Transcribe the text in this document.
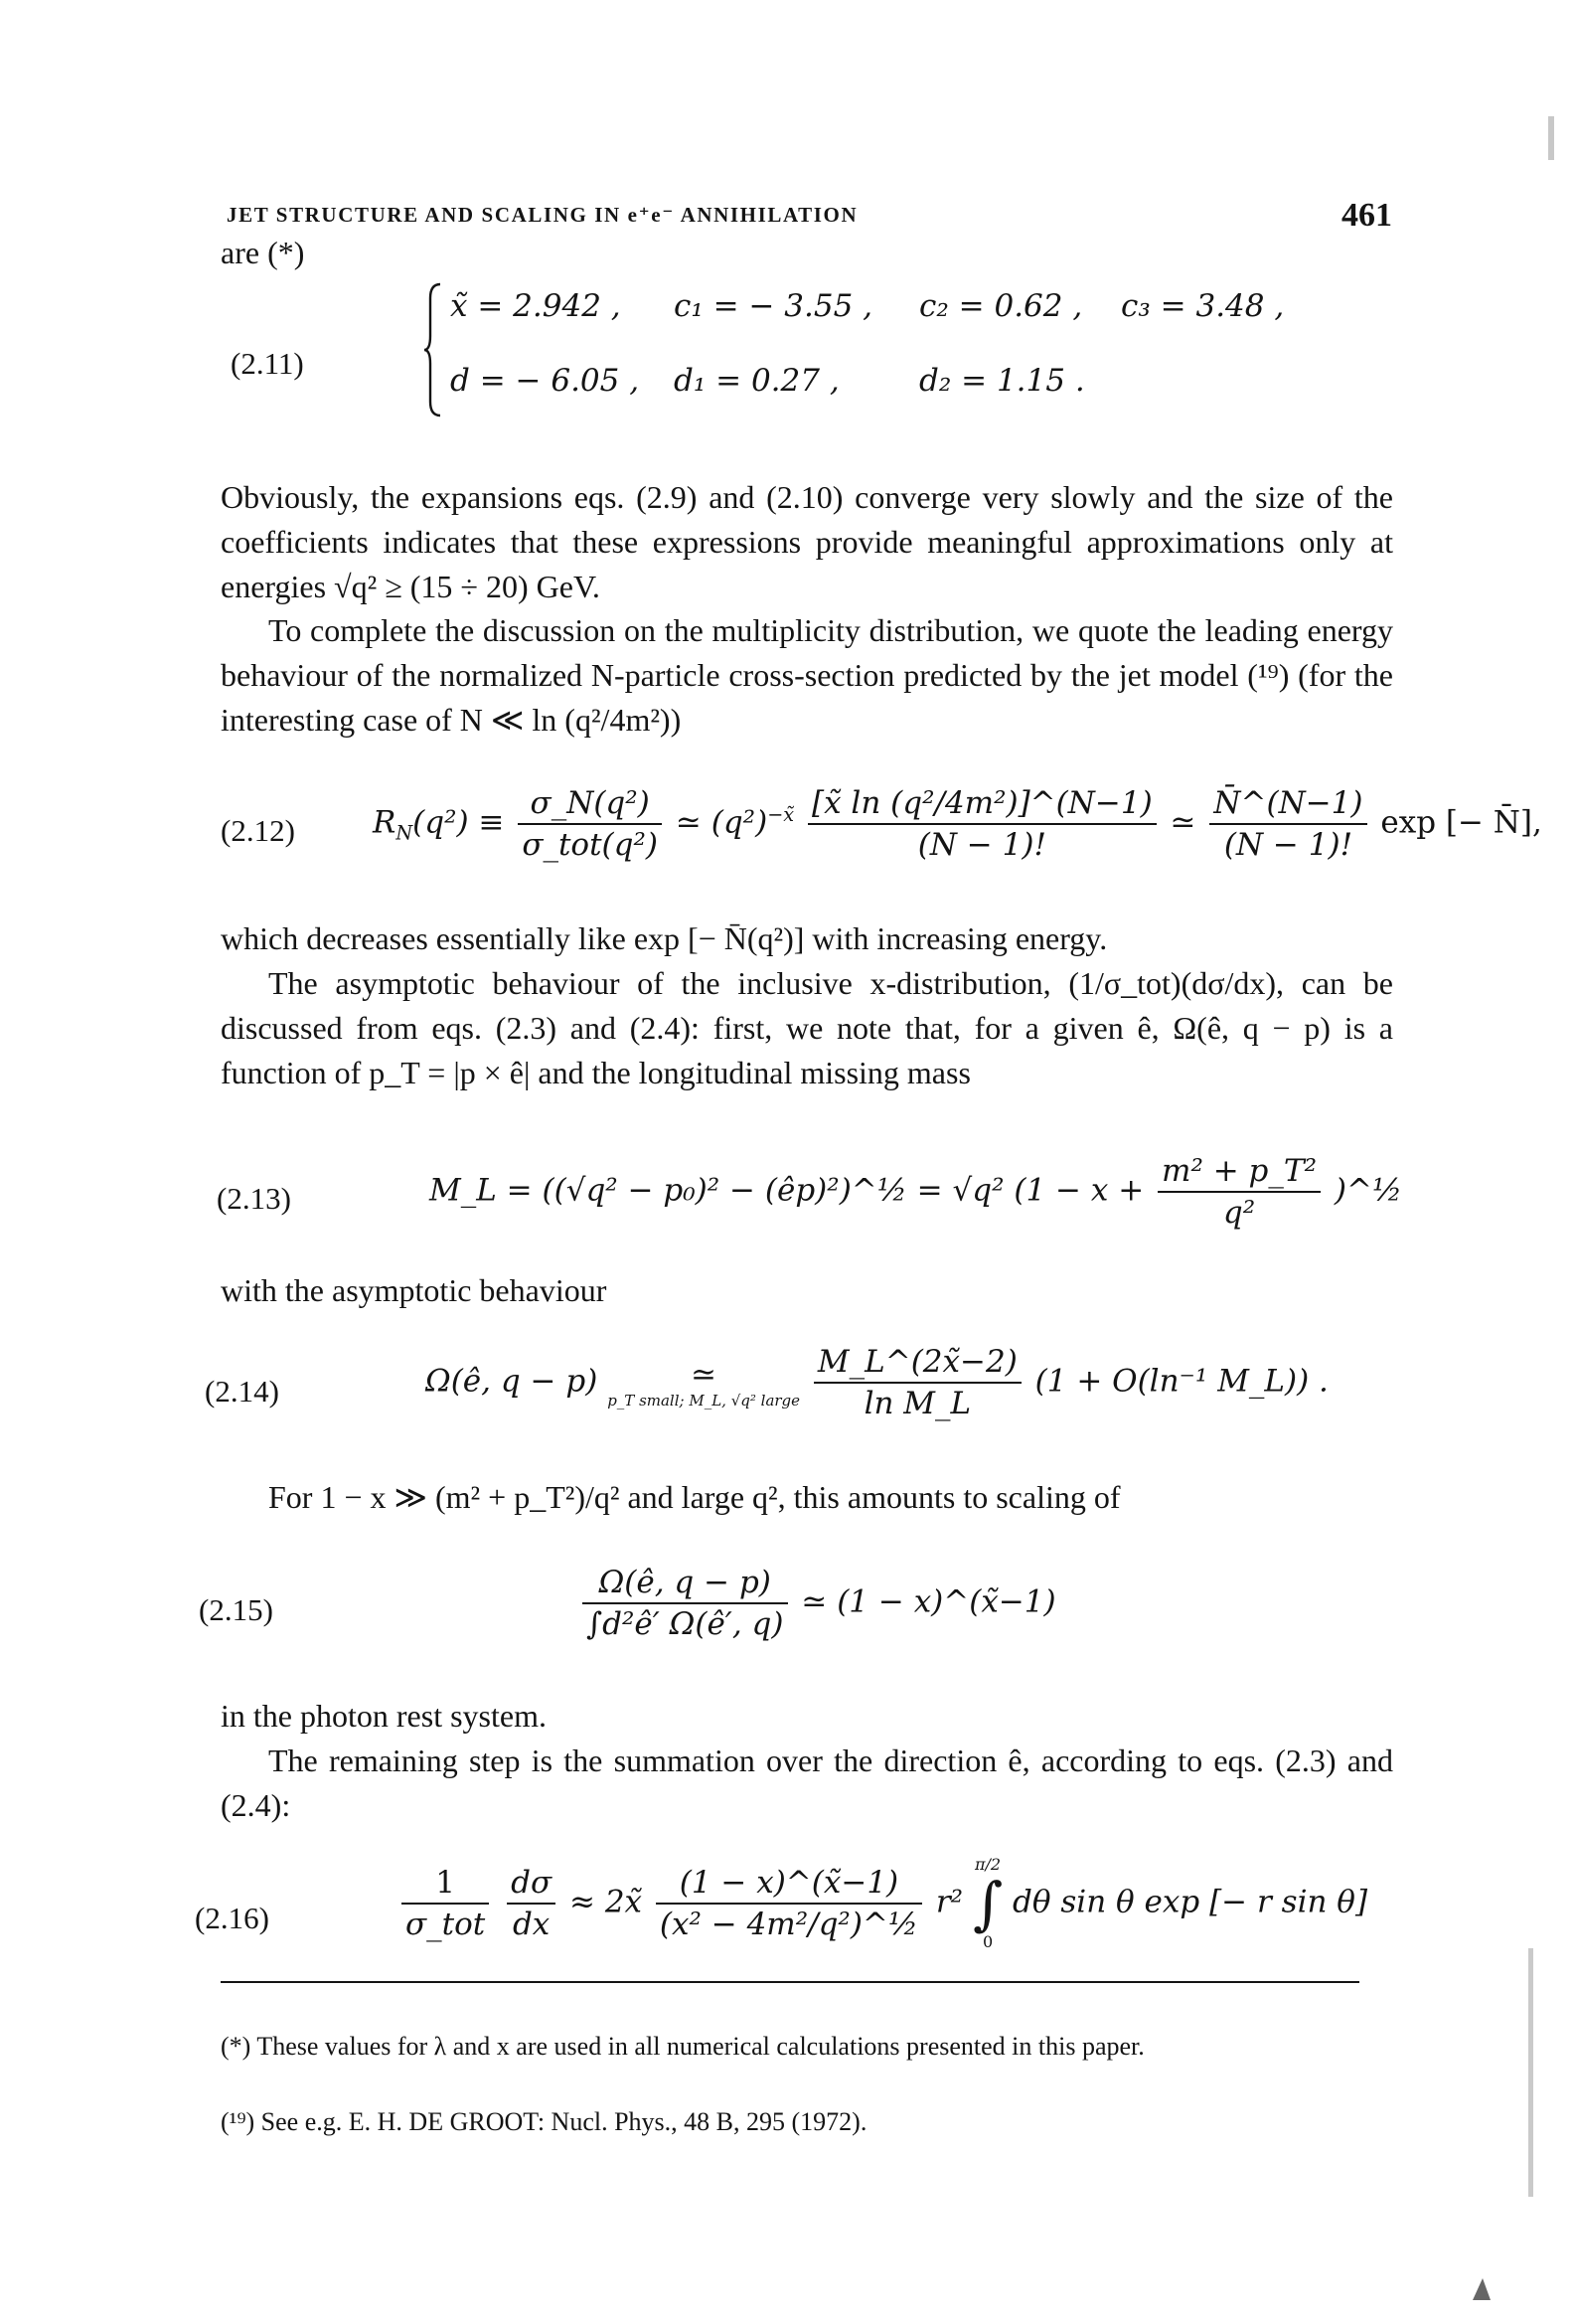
JET STRUCTURE AND SCALING IN e⁺e⁻ ANNIHILATION	461
are (*)
(2.11)
x̃ = 2.942 , c₁ = − 3.55 , c₂ = 0.62 , c₃ = 3.48 ,
d = − 6.05 , d₁ = 0.27 ,	d₂ = 1.15 .
Obviously, the expansions eqs. (2.9) and (2.10) converge very slowly and the size of the coefficients indicates that these expressions provide meaningful approximations only at energies √q² ≥ (15 ÷ 20) GeV.
To complete the discussion on the multiplicity distribution, we quote the leading energy behaviour of the normalized N-particle cross-section predicted by the jet model (¹⁹) (for the interesting case of N ≪ ln (q²/4m²))
(2.12)	$R_N(q^2) \equiv \frac{\text{σ\_N(q²)}}{\text{σ\_tot(q²)}}$ ≃ $(q^2)^{-x̃} \frac{\text{[x̃ ln (q²/4m²)]\textasciicircum{}(N−1)}}{(N - 1)!}$ ≃ $\frac{N̄\^{}(N-1)}{(N - 1)!}$ exp [− N̄],
which decreases essentially like exp [− N̄(q²)] with increasing energy.
The asymptotic behaviour of the inclusive x-distribution, (1/σ_tot)(dσ/dx), can be discussed from eqs. (2.3) and (2.4): first, we note that, for a given ê, Ω(ê, q − p) is a function of p_T = |p × ê| and the longitudinal missing mass
(2.13)	M_L = ((√q² − p₀)² − (êp)²)^½ = √q² ($1 - x + \frac{\text{m² + p\_T²}}{\text{q²}}$ )^½
with the asymptotic behaviour
(2.14)	Ω(ê, q − p)	≃
p_T small; M_L, √q² large
$\frac{M\_L\^{}(2x̃-2)}{\text{ln M\_L}} (1 + O(\ln^{-1}$ M_L)) .
For 1 − x ≫ (m² + p_T²)/q² and large q², this amounts to scaling of
(2.15)	$\frac{\Omega(ê, q - p)}{\text{∫d²ê′ Ω(ê′, q)}}$ ≃ (1 − x)^(x̃−1)
in the photon rest system.
The remaining step is the summation over the direction ê, according to eqs. (2.3) and (2.4):
(2.16)	$\frac{1}{\text{σ\_tot}}$
$\frac{d\sigma}{dx}$ ≈ 2x̃ $\frac{(1 - x)\^{}(x̃-1)}{\text{(x² − 4m²/q²)\textasciicircum{}½}} r^2$
π/2
∫
0
dθ sin θ exp [− r sin θ]
(*) These values for λ and x are used in all numerical calculations presented in this paper.
(¹⁹) See e.g. E. H. DE GROOT: Nucl. Phys., 48 B, 295 (1972).
